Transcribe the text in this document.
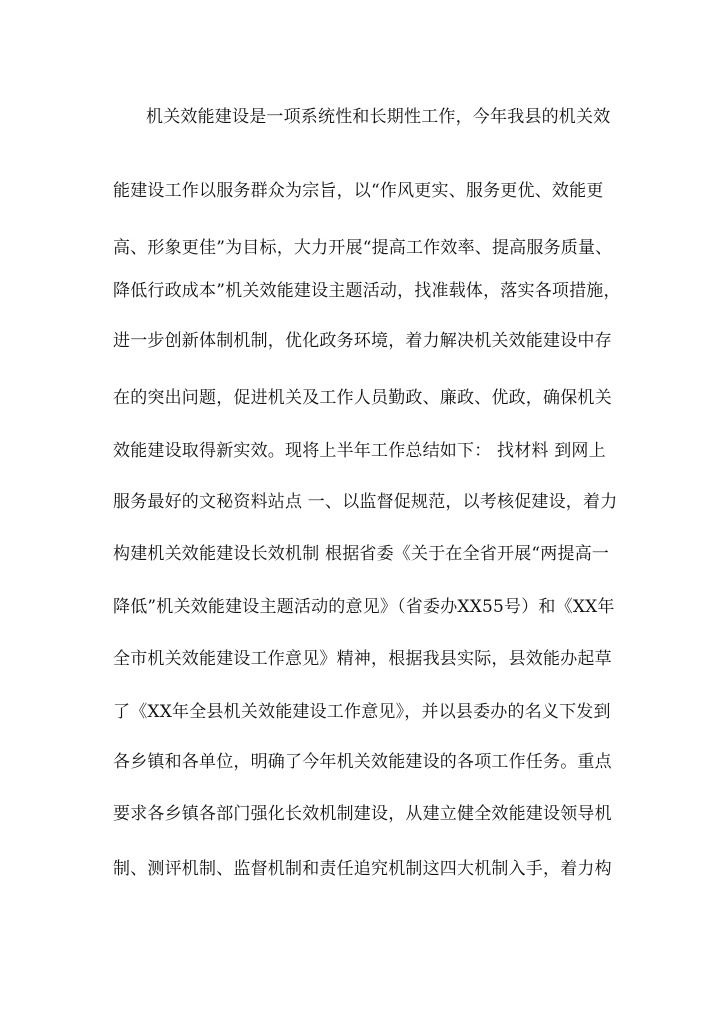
机关效能建设是一项系统性和长期性工作，今年我县的机关效
能建设工作以服务群众为宗旨，以“作风更实、服务更优、效能更
高、形象更佳”为目标，大力开展“提高工作效率、提高服务质量、
降低行政成本”机关效能建设主题活动，找准载体，落实各项措施，
进一步创新体制机制，优化政务环境，着力解决机关效能建设中存
在的突出问题，促进机关及工作人员勤政、廉政、优政，确保机关
效能建设取得新实效。现将上半年工作总结如下： 找材料 到网上
服务最好的文秘资料站点 一、以监督促规范，以考核促建设，着力
构建机关效能建设长效机制 根据省委《关于在全省开展“两提高一
降低”机关效能建设主题活动的意见》（省委办XX55号）和《XX年
全市机关效能建设工作意见》精神，根据我县实际，县效能办起草
了《XX年全县机关效能建设工作意见》，并以县委办的名义下发到
各乡镇和各单位，明确了今年机关效能建设的各项工作任务。重点
要求各乡镇各部门强化长效机制建设，从建立健全效能建设领导机
制、测评机制、监督机制和责任追究机制这四大机制入手，着力构
